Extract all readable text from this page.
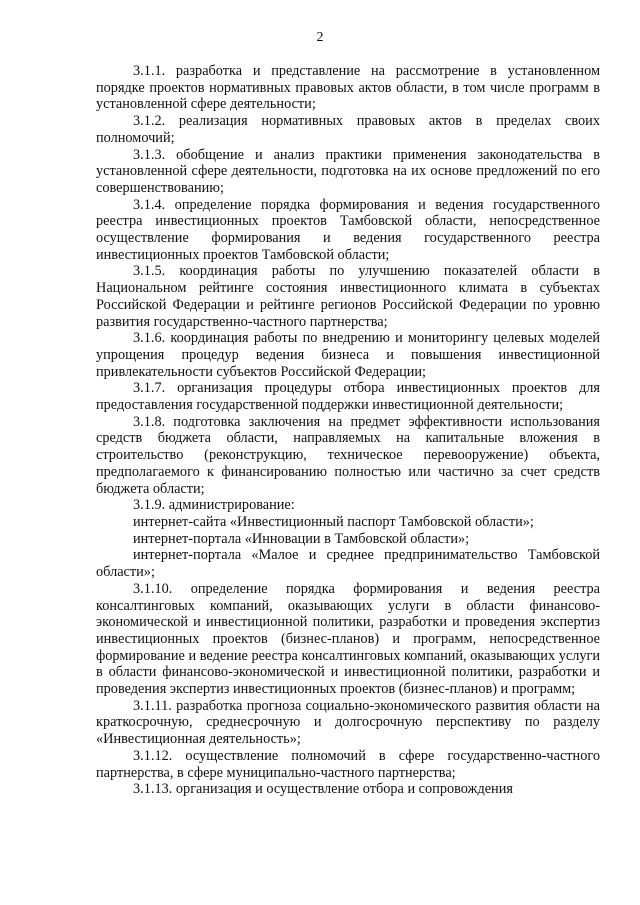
2

3.1.1. разработка и представление на рассмотрение в установленном порядке проектов нормативных правовых актов области, в том числе программ в установленной сфере деятельности;

3.1.2. реализация нормативных правовых актов в пределах своих полномочий;

3.1.3. обобщение и анализ практики применения законодательства в установленной сфере деятельности, подготовка на их основе предложений по его совершенствованию;

3.1.4. определение порядка формирования и ведения государственного реестра инвестиционных проектов Тамбовской области, непосредственное осуществление формирования и ведения государственного реестра инвестиционных проектов Тамбовской области;

3.1.5. координация работы по улучшению показателей области в Национальном рейтинге состояния инвестиционного климата в субъектах Российской Федерации и рейтинге регионов Российской Федерации по уровню развития государственно-частного партнерства;

3.1.6. координация работы по внедрению и мониторингу целевых моделей упрощения процедур ведения бизнеса и повышения инвестиционной привлекательности субъектов Российской Федерации;

3.1.7. организация процедуры отбора инвестиционных проектов для предоставления государственной поддержки инвестиционной деятельности;

3.1.8. подготовка заключения на предмет эффективности использования средств бюджета области, направляемых на капитальные вложения в строительство (реконструкцию, техническое перевооружение) объекта, предполагаемого к финансированию полностью или частично за счет средств бюджета области;

3.1.9. администрирование:

интернет-сайта «Инвестиционный паспорт Тамбовской области»;

интернет-портала «Инновации в Тамбовской области»;

интернет-портала «Малое и среднее предпринимательство Тамбовской области»;

3.1.10. определение порядка формирования и ведения реестра консалтинговых компаний, оказывающих услуги в области финансово-экономической и инвестиционной политики, разработки и проведения экспертиз инвестиционных проектов (бизнес-планов) и программ, непосредственное формирование и ведение реестра консалтинговых компаний, оказывающих услуги в области финансово-экономической и инвестиционной политики, разработки и проведения экспертиз инвестиционных проектов (бизнес-планов) и программ;

3.1.11. разработка прогноза социально-экономического развития области на краткосрочную, среднесрочную и долгосрочную перспективу по разделу «Инвестиционная деятельность»;

3.1.12. осуществление полномочий в сфере государственно-частного партнерства, в сфере муниципально-частного партнерства;

3.1.13. организация и осуществление отбора и сопровождения
